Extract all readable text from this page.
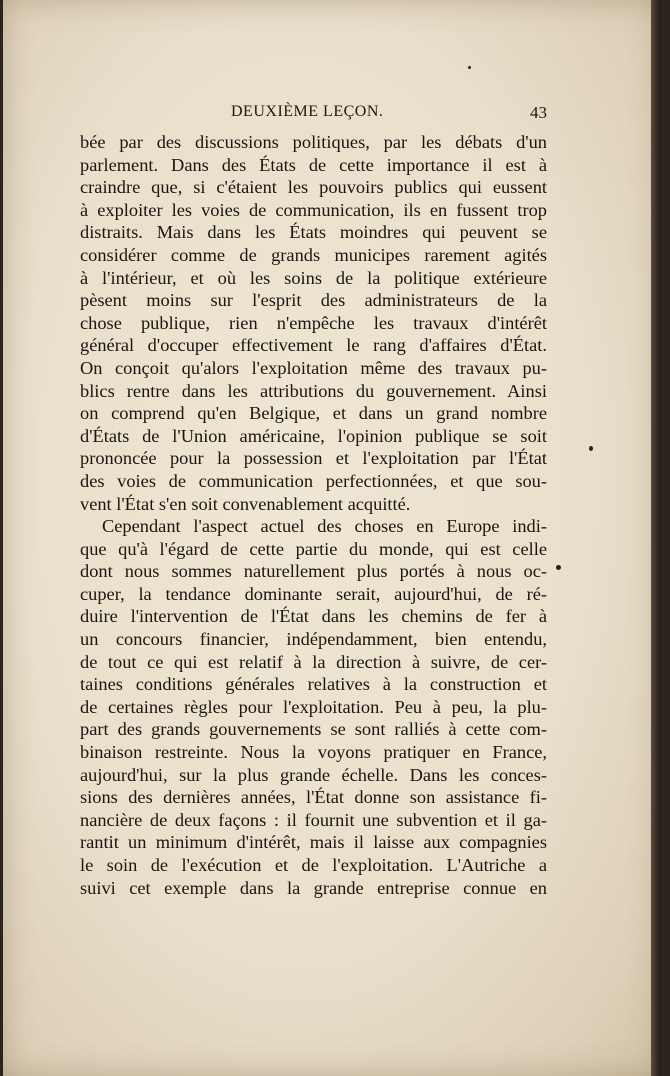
DEUXIÈME LEÇON.	43
bée par des discussions politiques, par les débats d'un
parlement. Dans des États de cette importance il est à
craindre que, si c'étaient les pouvoirs publics qui eussent
à exploiter les voies de communication, ils en fussent trop
distraits. Mais dans les États moindres qui peuvent se
considérer comme de grands municipes rarement agités
à l'intérieur, et où les soins de la politique extérieure
pèsent moins sur l'esprit des administrateurs de la
chose publique, rien n'empêche les travaux d'intérêt
général d'occuper effectivement le rang d'affaires d'État.
On conçoit qu'alors l'exploitation même des travaux pu-
blics rentre dans les attributions du gouvernement. Ainsi
on comprend qu'en Belgique, et dans un grand nombre
d'États de l'Union américaine, l'opinion publique se soit
prononcée pour la possession et l'exploitation par l'État
des voies de communication perfectionnées, et que sou-
vent l'État s'en soit convenablement acquitté.
Cependant l'aspect actuel des choses en Europe indi-
que qu'à l'égard de cette partie du monde, qui est celle
dont nous sommes naturellement plus portés à nous oc-
cuper, la tendance dominante serait, aujourd'hui, de ré-
duire l'intervention de l'État dans les chemins de fer à
un concours financier, indépendamment, bien entendu,
de tout ce qui est relatif à la direction à suivre, de cer-
taines conditions générales relatives à la construction et
de certaines règles pour l'exploitation. Peu à peu, la plu-
part des grands gouvernements se sont ralliés à cette com-
binaison restreinte. Nous la voyons pratiquer en France,
aujourd'hui, sur la plus grande échelle. Dans les conces-
sions des dernières années, l'État donne son assistance fi-
nancière de deux façons : il fournit une subvention et il ga-
rantit un minimum d'intérêt, mais il laisse aux compagnies
le soin de l'exécution et de l'exploitation. L'Autriche a
suivi cet exemple dans la grande entreprise connue en
